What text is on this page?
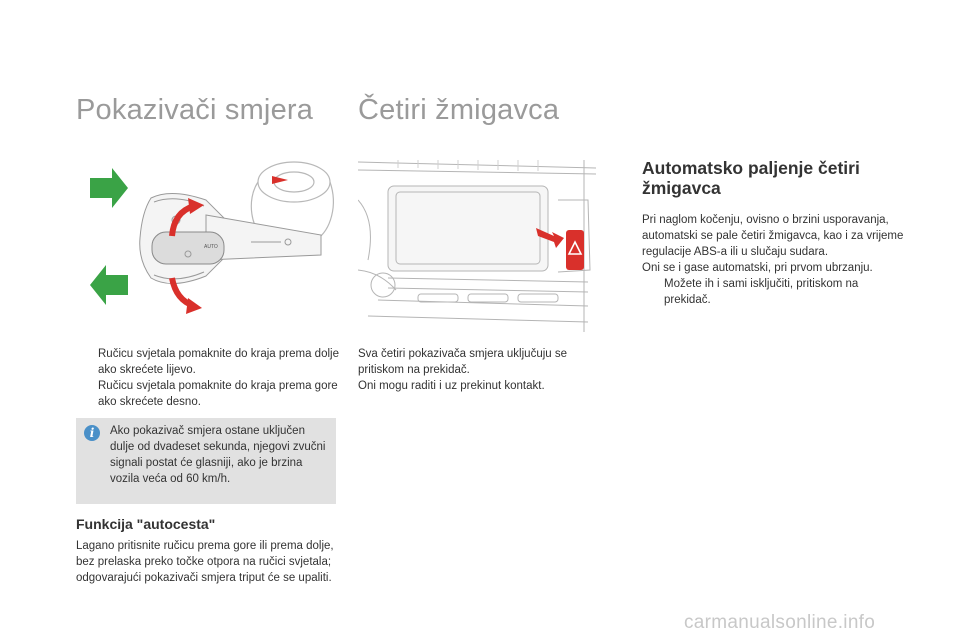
Pokazivači smjera
AUTO
Ručicu svjetala pomaknite do kraja prema dolje ako skrećete lijevo.
Ručicu svjetala pomaknite do kraja prema gore ako skrećete desno.
i	Ako pokazivač smjera ostane uključen dulje od dvadeset sekunda, njegovi zvučni signali postat će glasniji, ako je brzina vozila veća od 60 km/h.
Funkcija "autocesta"
Lagano pritisnite ručicu prema gore ili prema dolje, bez prelaska preko točke otpora na ručici svjetala; odgovarajući pokazivači smjera triput će se upaliti.
Četiri žmigavca
Sva četiri pokazivača smjera uključuju se pritiskom na prekidač.
Oni mogu raditi i uz prekinut kontakt.
Automatsko paljenje četiri žmigavca
Pri naglom kočenju, ovisno o brzini usporavanja, automatski se pale četiri žmigavca, kao i za vrijeme regulacije ABS-a ili u slučaju sudara.
Oni se i gase automatski, pri prvom ubrzanju.
Možete ih i sami isključiti, pritiskom na prekidač.
carmanualsonline.info
